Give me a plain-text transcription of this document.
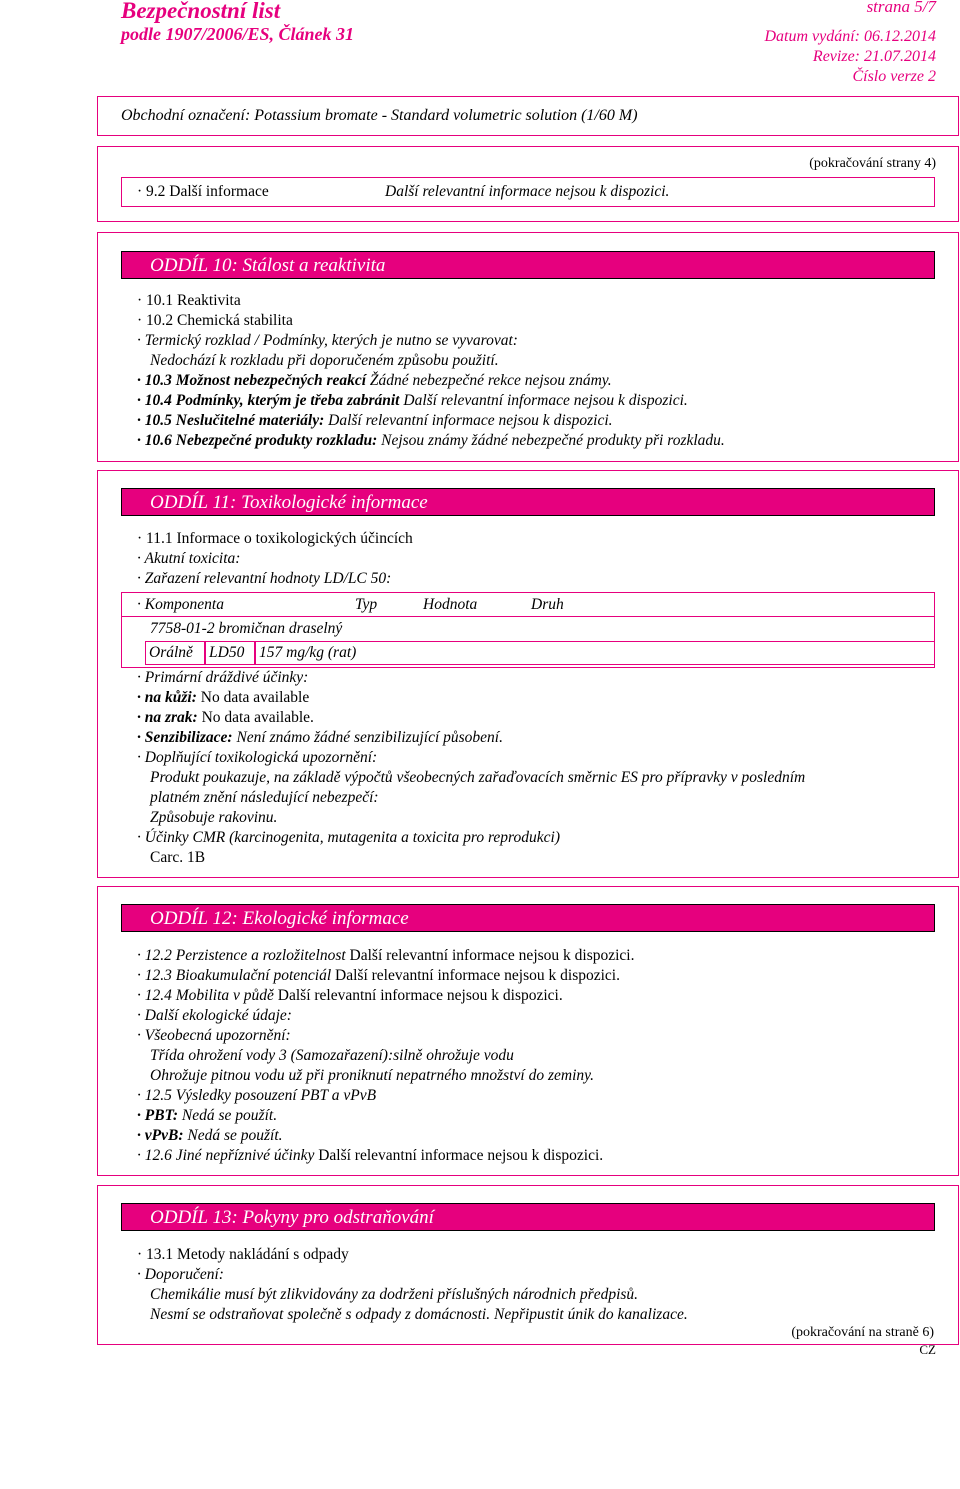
Bezpečnostní list
podle 1907/2006/ES, Článek 31
strana 5/7
Datum vydání: 06.12.2014
Revize: 21.07.2014
Číslo verze 2
Obchodní označení: Potassium bromate - Standard volumetric solution (1/60 M)
(pokračování strany 4)
· 9.2 Další informace	Další relevantní informace nejsou k dispozici.
ODDÍL 10: Stálost a reaktivita
· 10.1 Reaktivita
· 10.2 Chemická stabilita
· Termický rozklad / Podmínky, kterých je nutno se vyvarovat:
Nedochází k rozkladu při doporučeném způsobu použití.
· 10.3 Možnost nebezpečných reakcí Žádné nebezpečné rekce nejsou známy.
· 10.4 Podmínky, kterým je třeba zabránit Další relevantní informace nejsou k dispozici.
· 10.5 Neslučitelné materiály: Další relevantní informace nejsou k dispozici.
· 10.6 Nebezpečné produkty rozkladu: Nejsou známy žádné nebezpečné produkty při rozkladu.
ODDÍL 11: Toxikologické informace
· 11.1 Informace o toxikologických účincích
· Akutní toxicita:
· Zařazení relevantní hodnoty LD/LC 50:
· Komponenta	Typ	Hodnota	Druh
7758-01-2 bromičnan draselný
Orálně	LD50 157 mg/kg (rat)
· Primární dráždivé účinky:
· na kůži: No data available
· na zrak: No data available.
· Senzibilizace: Není známo žádné senzibilizující působení.
· Doplňující toxikologická upozornění:
Produkt poukazuje, na základě výpočtů všeobecných zařaďovacích směrnic ES pro přípravky v posledním
platném znění následující nebezpečí:
Způsobuje rakovinu.
· Účinky CMR (karcinogenita, mutagenita a toxicita pro reprodukci)
Carc. 1B
ODDÍL 12: Ekologické informace
· 12.2 Perzistence a rozložitelnost Další relevantní informace nejsou k dispozici.
· 12.3 Bioakumulační potenciál Další relevantní informace nejsou k dispozici.
· 12.4 Mobilita v půdě Další relevantní informace nejsou k dispozici.
· Další ekologické údaje:
· Všeobecná upozornění:
Třída ohrožení vody 3 (Samozařazení):silně ohrožuje vodu
Ohrožuje pitnou vodu už při proniknutí nepatrného množství do zeminy.
· 12.5 Výsledky posouzení PBT a vPvB
· PBT: Nedá se použít.
· vPvB: Nedá se použít.
· 12.6 Jiné nepříznivé účinky Další relevantní informace nejsou k dispozici.
ODDÍL 13: Pokyny pro odstraňování
· 13.1 Metody nakládání s odpady
· Doporučení:
Chemikálie musí být zlikvidovány za dodrženi příslušných národnich předpisů.
Nesmí se odstraňovat společně s odpady z domácnosti. Nepřipustit únik do kanalizace.
(pokračování na straně 6)
CZ
